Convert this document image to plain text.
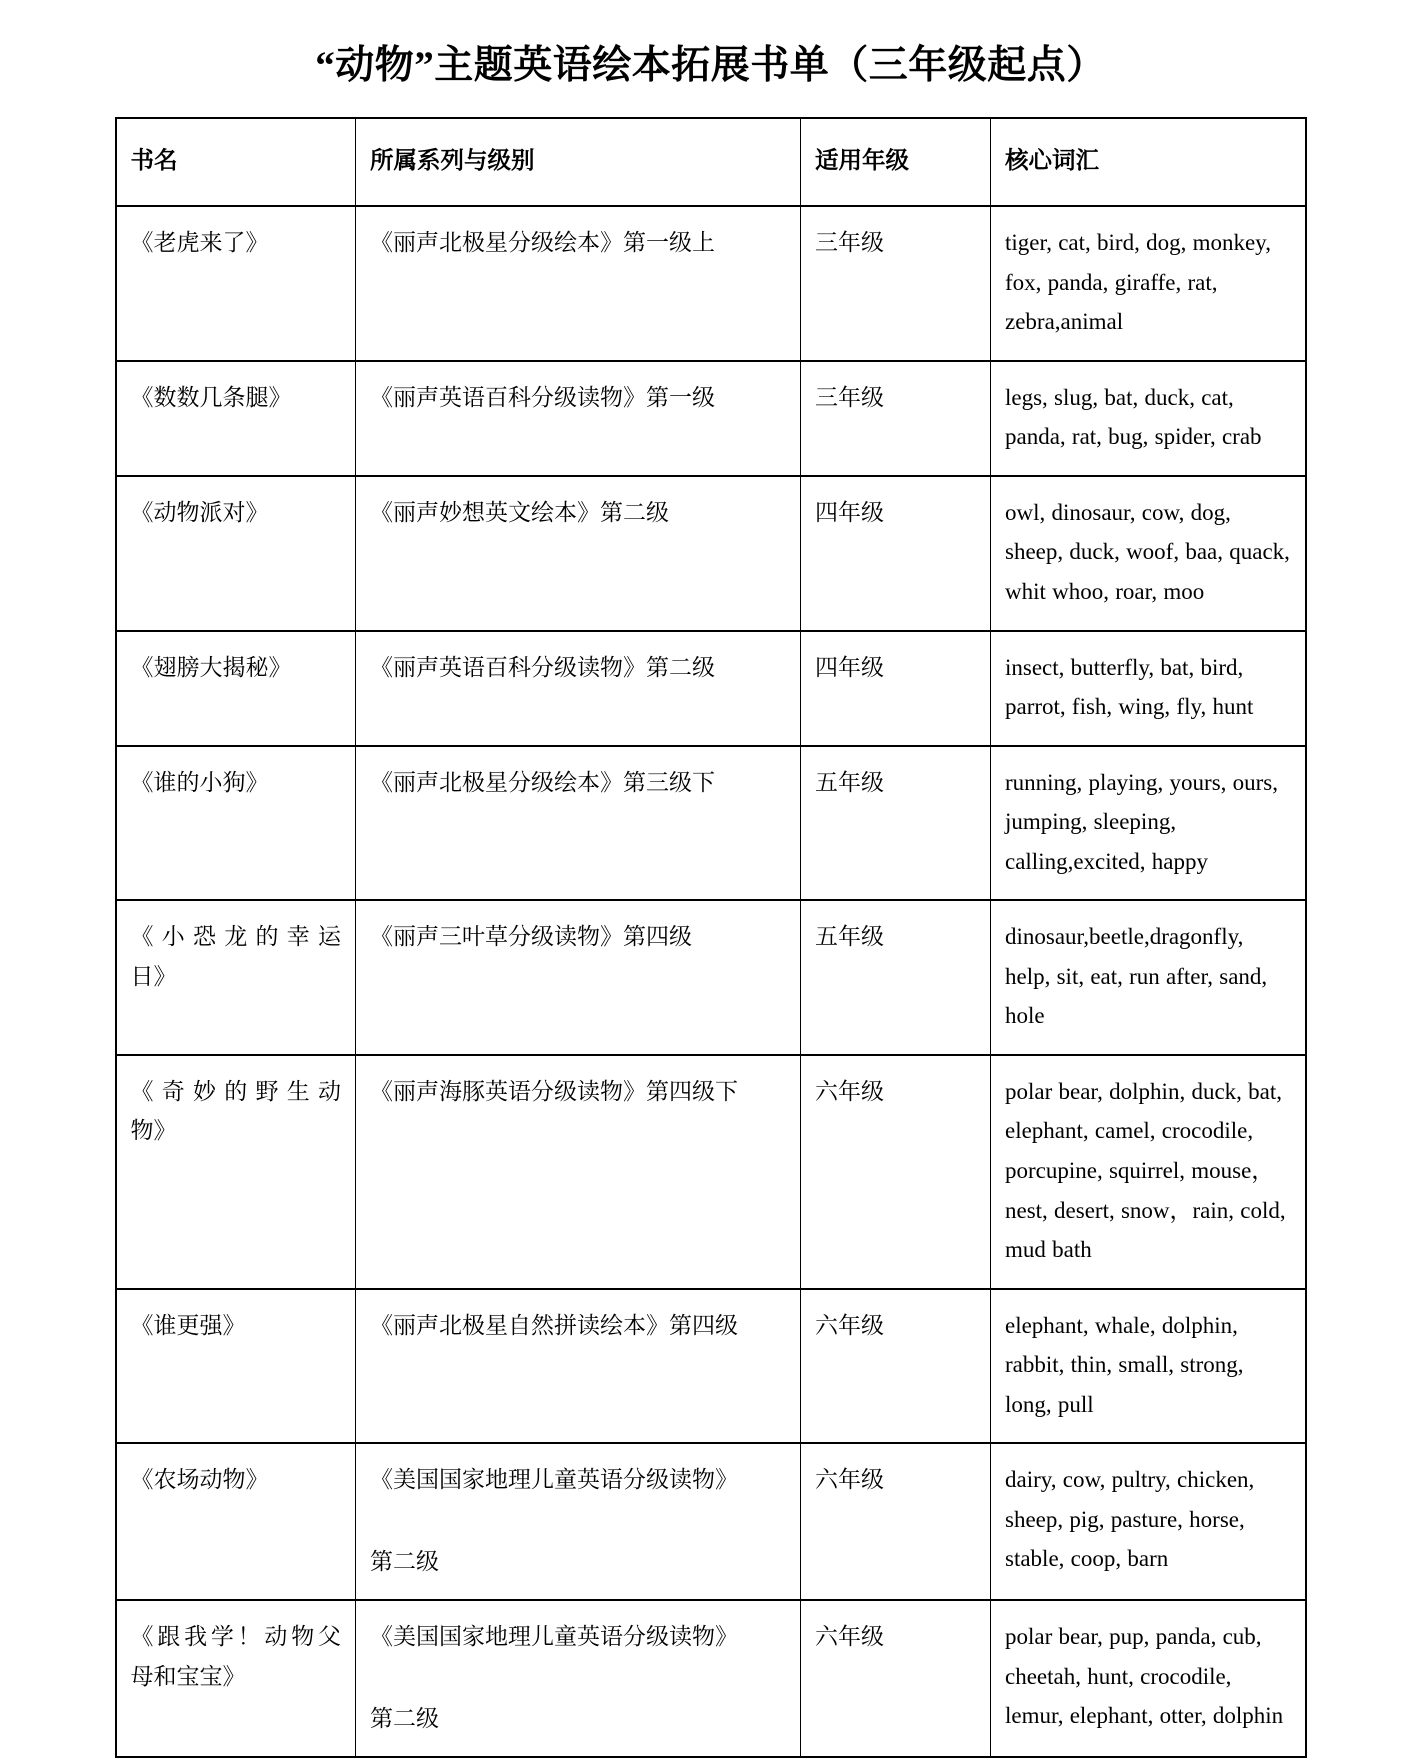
“动物”主题英语绘本拓展书单（三年级起点）
书名	所属系列与级别	适用年级	核心词汇

《老虎来了》	《丽声北极星分级绘本》第一级上	三年级	tiger, cat, bird, dog, monkey, fox, panda, giraffe, rat, zebra,animal

《数数几条腿》	《丽声英语百科分级读物》第一级	三年级	legs, slug, bat, duck, cat, panda, rat, bug, spider, crab

《动物派对》	《丽声妙想英文绘本》第二级	四年级	owl, dinosaur, cow, dog, sheep, duck, woof, baa, quack, whit whoo, roar, moo

《翅膀大揭秘》	《丽声英语百科分级读物》第二级	四年级	insect, butterfly, bat, bird, parrot, fish, wing, fly, hunt

《谁的小狗》	《丽声北极星分级绘本》第三级下	五年级	running, playing, yours, ours, jumping, sleeping, calling,excited, happy

《小恐龙的幸运
日》	《丽声三叶草分级读物》第四级	五年级	dinosaur,beetle,dragonfly, help, sit, eat, run after, sand, hole

《奇妙的野生动
物》	《丽声海豚英语分级读物》第四级下	六年级	polar bear, dolphin, duck, bat, elephant, camel, crocodile, porcupine, squirrel, mouse，nest, desert, snow，rain, cold, mud bath

《谁更强》	《丽声北极星自然拼读绘本》第四级	六年级	elephant, whale, dolphin, rabbit, thin, small, strong, long, pull

《农场动物》	《美国国家地理儿童英语分级读物》
第二级	六年级	dairy, cow, pultry, chicken, sheep, pig, pasture, horse, stable, coop, barn

《跟我学！动物父
母和宝宝》	《美国国家地理儿童英语分级读物》
第二级	六年级	polar bear, pup, panda, cub, cheetah, hunt, crocodile, lemur, elephant, otter, dolphin
